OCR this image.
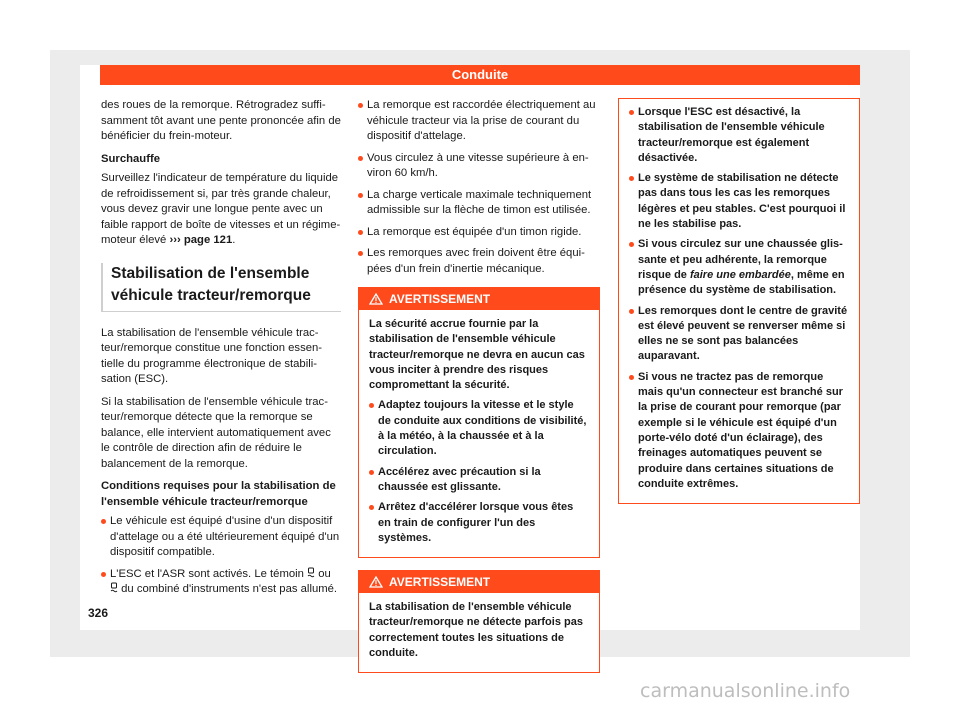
Conduite

des roues de la remorque. Rétrogradez suffisamment tôt avant une pente prononcée afin de bénéficier du frein-moteur.

Surchauffe

Surveillez l'indicateur de température du liquide de refroidissement si, par très grande chaleur, vous devez gravir une longue pente avec un faible rapport de boîte de vitesses et un régime-moteur élevé ››› page 121.

Stabilisation de l'ensemble véhicule tracteur/remorque

La stabilisation de l'ensemble véhicule tracteur/remorque constitue une fonction essentielle du programme électronique de stabilisation (ESC).

Si la stabilisation de l'ensemble véhicule tracteur/remorque détecte que la remorque se balance, elle intervient automatiquement avec le contrôle de direction afin de réduire le balancement de la remorque.

Conditions requises pour la stabilisation de l'ensemble véhicule tracteur/remorque

Le véhicule est équipé d'usine d'un dispositif d'attelage ou a été ultérieurement équipé d'un dispositif compatible.
L'ESC et l'ASR sont activés. Le témoin ou
du combiné d'instruments n'est pas allumé.
La remorque est raccordée électriquement au véhicule tracteur via la prise de courant du dispositif d'attelage.
Vous circulez à une vitesse supérieure à environ 60 km/h.
La charge verticale maximale techniquement admissible sur la flèche de timon est utilisée.
La remorque est équipée d'un timon rigide.
Les remorques avec frein doivent être équipées d'un frein d'inertie mécanique.
AVERTISSEMENT

La sécurité accrue fournie par la stabilisation de l'ensemble véhicule tracteur/remorque ne devra en aucun cas vous inciter à prendre des risques compromettant la sécurité.

Adaptez toujours la vitesse et le style de conduite aux conditions de visibilité, à la météo, à la chaussée et à la circulation.
Accélérez avec précaution si la chaussée est glissante.
Arrêtez d'accélérer lorsque vous êtes en train de configurer l'un des systèmes.
AVERTISSEMENT

La stabilisation de l'ensemble véhicule tracteur/remorque ne détecte parfois pas correctement toutes les situations de conduite.

Lorsque l'ESC est désactivé, la stabilisation de l'ensemble véhicule tracteur/remorque est également désactivée.
Le système de stabilisation ne détecte pas dans tous les cas les remorques légères et peu stables. C'est pourquoi il ne les stabilise pas.
Si vous circulez sur une chaussée glissante et peu adhérente, la remorque risque de faire une embardée, même en présence du système de stabilisation.
Les remorques dont le centre de gravité est élevé peuvent se renverser même si elles ne se sont pas balancées auparavant.
Si vous ne tractez pas de remorque mais qu'un connecteur est branché sur la prise de courant pour remorque (par exemple si le véhicule est équipé d'un porte-vélo doté d'un éclairage), des freinages automatiques peuvent se produire dans certaines situations de conduite extrêmes.
326
carmanualsonline.info
